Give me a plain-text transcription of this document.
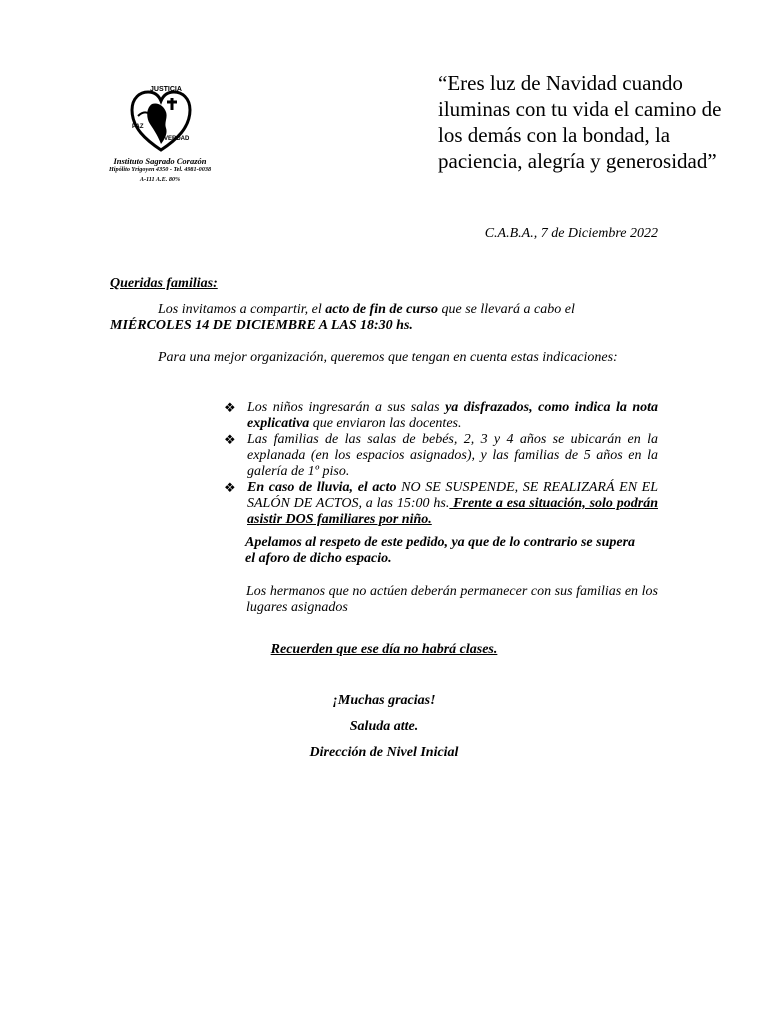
JUSTICIA
PAZ
VERDAD
Instituto Sagrado Corazón
Hipólito Yrigoyen 4350 - Tel. 4981-0038
A-111 A.E. 80%
“Eres luz de Navidad cuando iluminas con tu vida el camino de los demás con la bondad, la paciencia, alegría y generosidad”
C.A.B.A., 7 de Diciembre 2022
Queridas familias:
Los invitamos a compartir, el acto de fin de curso que se llevará a cabo el
MIÉRCOLES 14 DE DICIEMBRE A LAS 18:30 hs.
Para una mejor organización, queremos que tengan en cuenta estas indicaciones:
❖ Los niños ingresarán a sus salas ya disfrazados, como indica la nota explicativa que enviaron las docentes.
❖ Las familias de las salas de bebés, 2, 3 y 4 años se ubicarán en la explanada (en los espacios asignados), y las familias de 5 años en la galería de 1º piso.
❖ En caso de lluvia, el acto NO SE SUSPENDE, SE REALIZARÁ EN EL SALÓN DE ACTOS, a las 15:00 hs. Frente a esa situación, solo podrán asistir DOS familiares por niño.
Apelamos al respeto de este pedido, ya que de lo contrario se supera el aforo de dicho espacio.
Los hermanos que no actúen deberán permanecer con sus familias en los lugares asignados
Recuerden que ese día no habrá clases.
¡Muchas gracias!
Saluda atte.
Dirección de Nivel Inicial
